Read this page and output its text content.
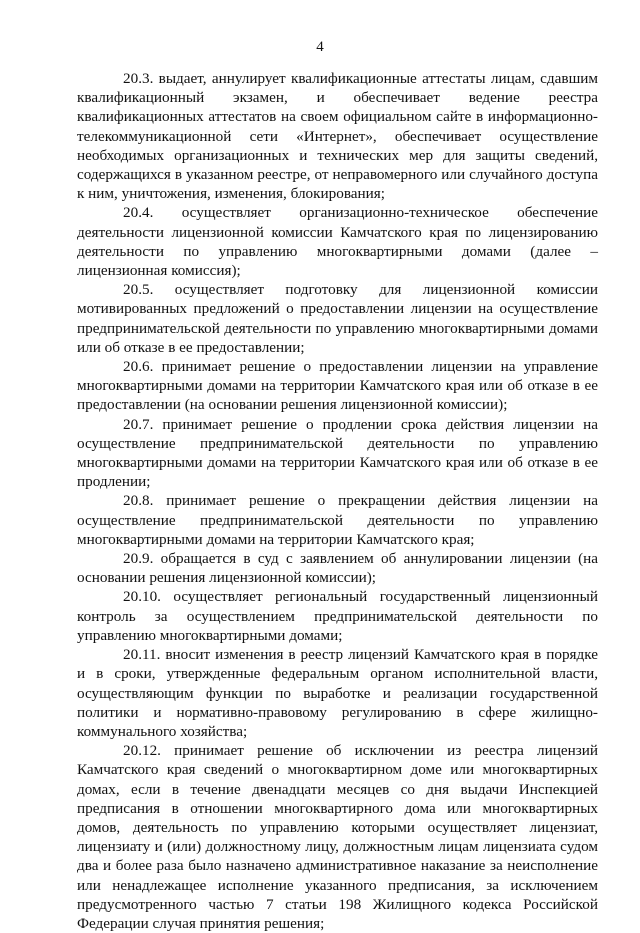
4

20.3. выдает, аннулирует квалификационные аттестаты лицам, сдавшим квалификационный экзамен, и обеспечивает ведение реестра квалификационных аттестатов на своем официальном сайте в информационно-телекоммуникационной сети «Интернет», обеспечивает осуществление необходимых организационных и технических мер для защиты сведений, содержащихся в указанном реестре, от неправомерного или случайного доступа к ним, уничтожения, изменения, блокирования;

20.4. осуществляет организационно-техническое обеспечение деятельности лицензионной комиссии Камчатского края по лицензированию деятельности по управлению многоквартирными домами (далее – лицензионная комиссия);

20.5. осуществляет подготовку для лицензионной комиссии мотивированных предложений о предоставлении лицензии на осуществление предпринимательской деятельности по управлению многоквартирными домами или об отказе в ее предоставлении;

20.6. принимает решение о предоставлении лицензии на управление многоквартирными домами на территории Камчатского края или об отказе в ее предоставлении (на основании решения лицензионной комиссии);

20.7. принимает решение о продлении срока действия лицензии на осуществление предпринимательской деятельности по управлению многоквартирными домами на территории Камчатского края или об отказе в ее продлении;

20.8. принимает решение о прекращении действия лицензии на осуществление предпринимательской деятельности по управлению многоквартирными домами на территории Камчатского края;

20.9. обращается в суд с заявлением об аннулировании лицензии (на основании решения лицензионной комиссии);

20.10. осуществляет региональный государственный лицензионный контроль за осуществлением предпринимательской деятельности по управлению многоквартирными домами;

20.11. вносит изменения в реестр лицензий Камчатского края в порядке и в сроки, утвержденные федеральным органом исполнительной власти, осуществляющим функции по выработке и реализации государственной политики и нормативно-правовому регулированию в сфере жилищно-коммунального хозяйства;

20.12. принимает решение об исключении из реестра лицензий Камчатского края сведений о многоквартирном доме или многоквартирных домах, если в течение двенадцати месяцев со дня выдачи Инспекцией предписания в отношении многоквартирного дома или многоквартирных домов, деятельность по управлению которыми осуществляет лицензиат, лицензиату и (или) должностному лицу, должностным лицам лицензиата судом два и более раза было назначено административное наказание за неисполнение или ненадлежащее исполнение указанного предписания, за исключением предусмотренного частью 7 статьи 198 Жилищного кодекса Российской Федерации случая принятия решения;
